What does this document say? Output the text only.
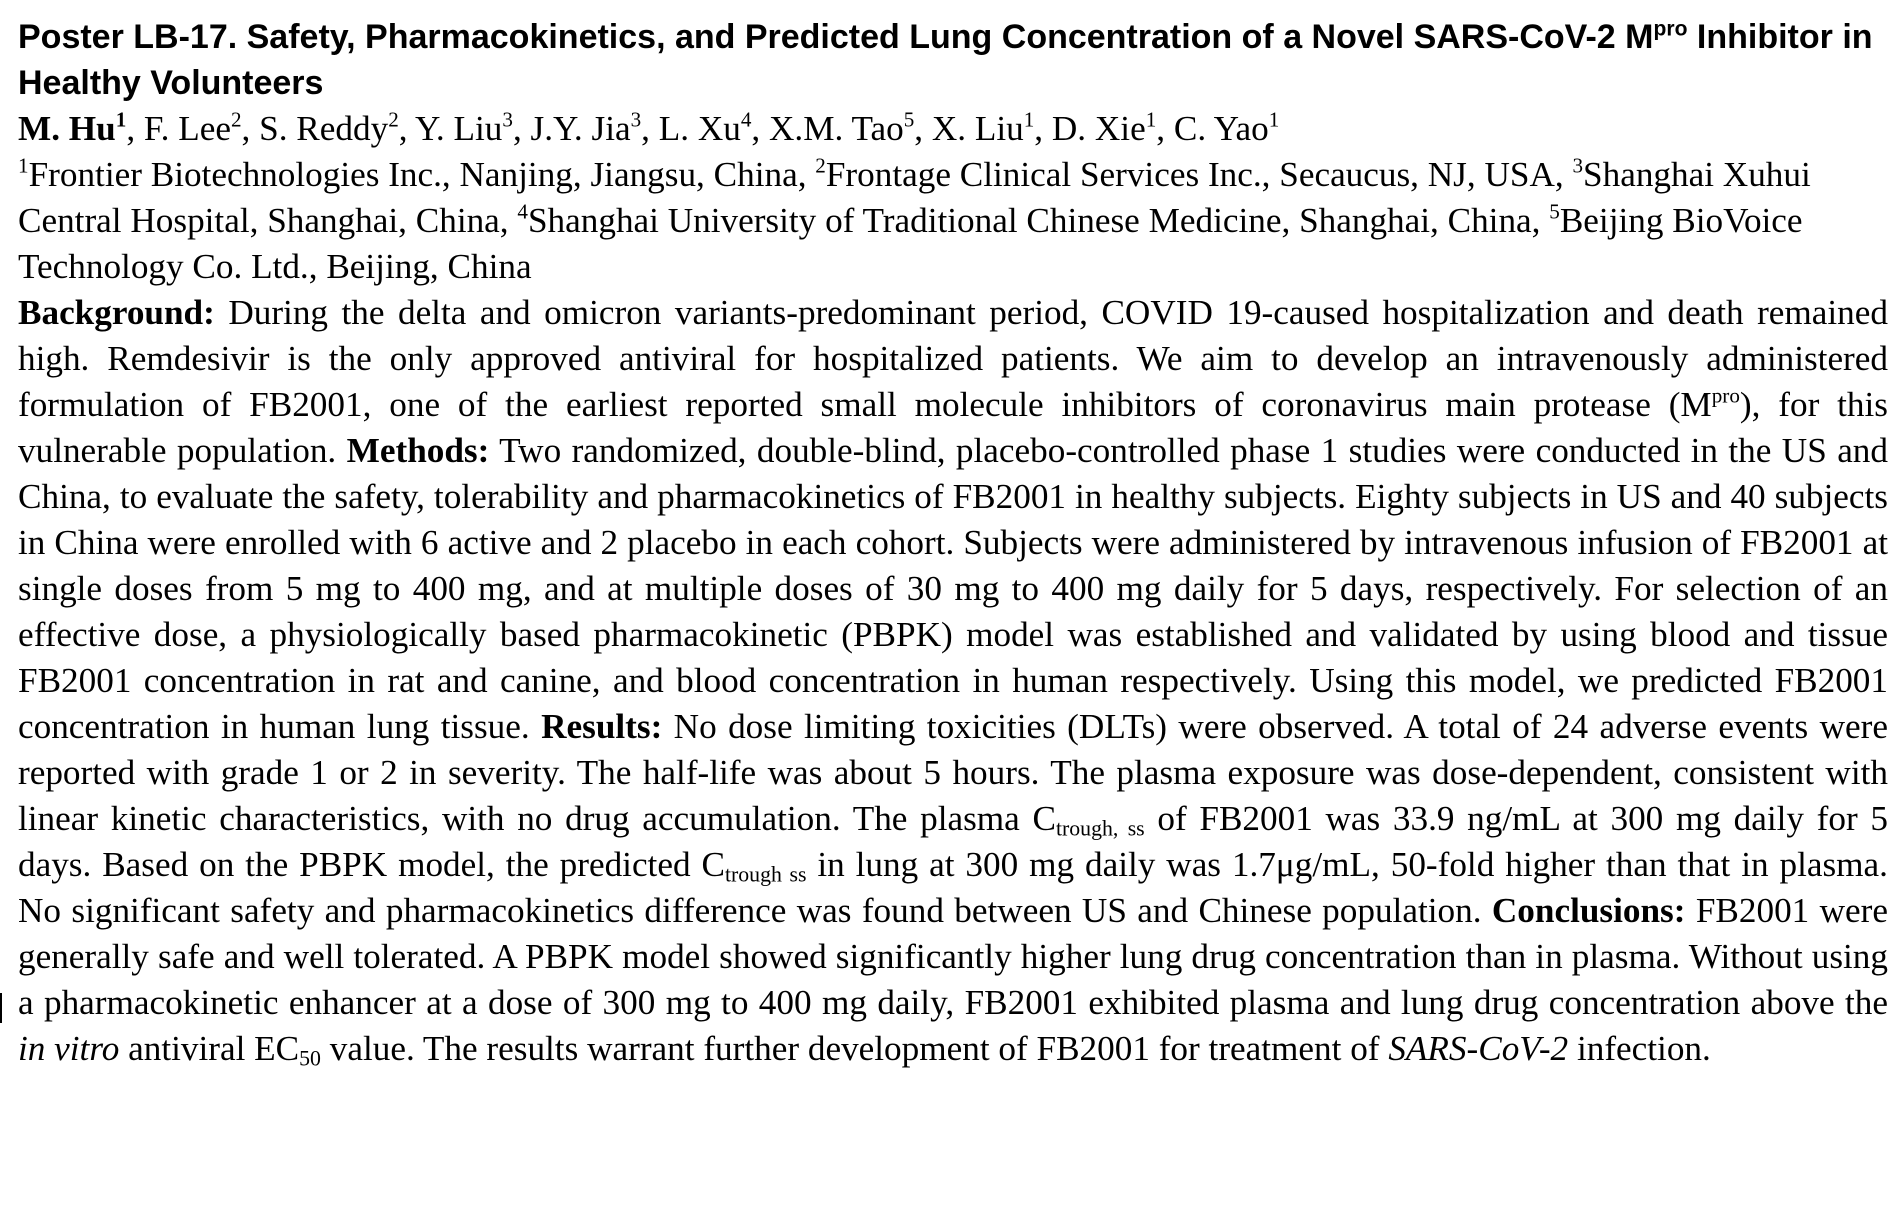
Poster LB-17. Safety, Pharmacokinetics, and Predicted Lung Concentration of a Novel SARS-CoV-2 $M^{pro}$ Inhibitor in Healthy Volunteers

M. Hu$^1$, F. Lee$^2$, S. Reddy$^2$, Y. Liu$^3$, J.Y. Jia$^3$, L. Xu$^4$, X.M. Tao$^5$, X. Liu$^1$, D. Xie$^1$, C. Yao$^1$

$^1$Frontier Biotechnologies Inc., Nanjing, Jiangsu, China, $^2$Frontage Clinical Services Inc., Secaucus, NJ, USA, $^3$Shanghai Xuhui Central Hospital, Shanghai, China, $^4$Shanghai University of Traditional Chinese Medicine, Shanghai, China, $^5$Beijing BioVoice Technology Co. Ltd., Beijing, China

Background: During the delta and omicron variants-predominant period, COVID 19-caused hospitalization and death remained high. Remdesivir is the only approved antiviral for hospitalized patients. We aim to develop an intravenously administered formulation of FB2001, one of the earliest reported small molecule inhibitors of coronavirus main protease $(M^{pro})$, for this vulnerable population. Methods: Two randomized, double-blind, placebo-controlled phase 1 studies were conducted in the US and China, to evaluate the safety, tolerability and pharmacokinetics of FB2001 in healthy subjects. Eighty subjects in US and 40 subjects in China were enrolled with 6 active and 2 placebo in each cohort. Subjects were administered by intravenous infusion of FB2001 at single doses from 5 mg to 400 mg, and at multiple doses of 30 mg to 400 mg daily for 5 days, respectively. For selection of an effective dose, a physiologically based pharmacokinetic (PBPK) model was established and validated by using blood and tissue FB2001 concentration in rat and canine, and blood concentration in human respectively. Using this model, we predicted FB2001 concentration in human lung tissue. Results: No dose limiting toxicities (DLTs) were observed. A total of 24 adverse events were reported with grade 1 or 2 in severity. The half-life was about 5 hours. The plasma exposure was dose-dependent, consistent with linear kinetic characteristics, with no drug accumulation. The plasma $C_{trough, ss}$ of FB2001 was 33.9 ng/mL at 300 mg daily for 5 days. Based on the PBPK model, the predicted $C_{trough ss}$ in lung at 300 mg daily was 1.7μg/mL, 50-fold higher than that in plasma. No significant safety and pharmacokinetics difference was found between US and Chinese population. Conclusions: FB2001 were generally safe and well tolerated. A PBPK model showed significantly higher lung drug concentration than in plasma. Without using a pharmacokinetic enhancer at a dose of 300 mg to 400 mg daily, FB2001 exhibited plasma and lung drug concentration above the in vitro antiviral $EC_{50}$ value. The results warrant further development of FB2001 for treatment of SARS-CoV-2 infection.
